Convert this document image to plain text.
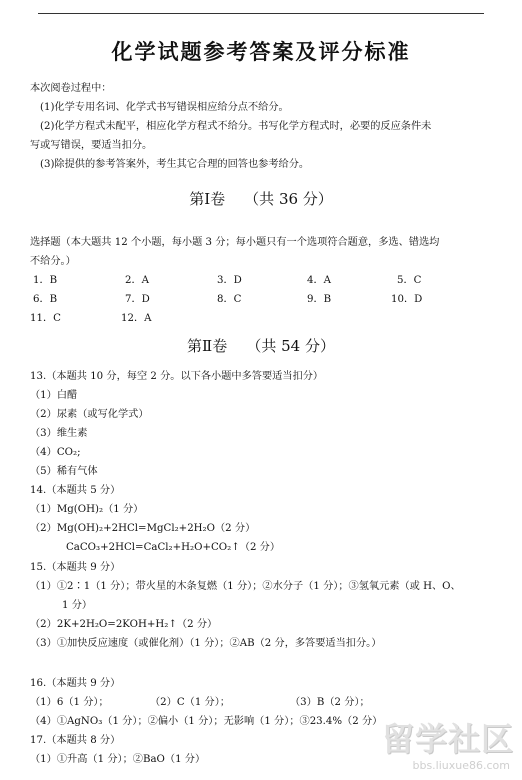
化学试题参考答案及评分标准
本次阅卷过程中：
(1)化学专用名词、化学式书写错误相应给分点不给分。
(2)化学方程式未配平，相应化学方程式不给分。书写化学方程式时，必要的反应条件未
写或写错误，要适当扣分。
(3)除提供的参考答案外，考生其它合理的回答也参考给分。
第Ⅰ卷    （共 36 分）
选择题（本大题共 12 个小题，每小题 3 分；每小题只有一个选项符合题意，多选、错选均
不给分。）
1．B	2．A	3．D	4．A	5．C
6．B	7．D	8．C	9．B	10．D
11．C	12．A
第Ⅱ卷    （共 54 分）
13.（本题共 10 分，每空 2 分。以下各小题中多答要适当扣分）
（1）白醋
（2）尿素（或写化学式）
（3）维生素
（4）CO₂;
（5）稀有气体
14.（本题共 5 分）
（1）Mg(OH)₂（1 分）
（2）Mg(OH)₂+2HCl=MgCl₂+2H₂O（2 分）
CaCO₃+2HCl=CaCl₂+H₂O+CO₂↑（2 分）
15.（本题共 9 分）
（1）①2∶1（1 分）；带火星的木条复燃（1 分）；②水分子（1 分）；③氢氧元素（或 H、O、
1 分）
（2）2K+2H₂O=2KOH+H₂↑（2 分）
（3）①加快反应速度（或催化剂）（1 分）；②AB（2 分，多答要适当扣分。）
16.（本题共 9 分）
（1）6（1 分）；	（2）C（1 分）；	（3）B（2 分）；
（4）①AgNO₃（1 分）；②偏小（1 分）；无影响（1 分）；③23.4%（2 分）
17.（本题共 8 分）
（1）①升高（1 分）；②BaO（1 分）
留学社区
bbs.liuxue86.com
